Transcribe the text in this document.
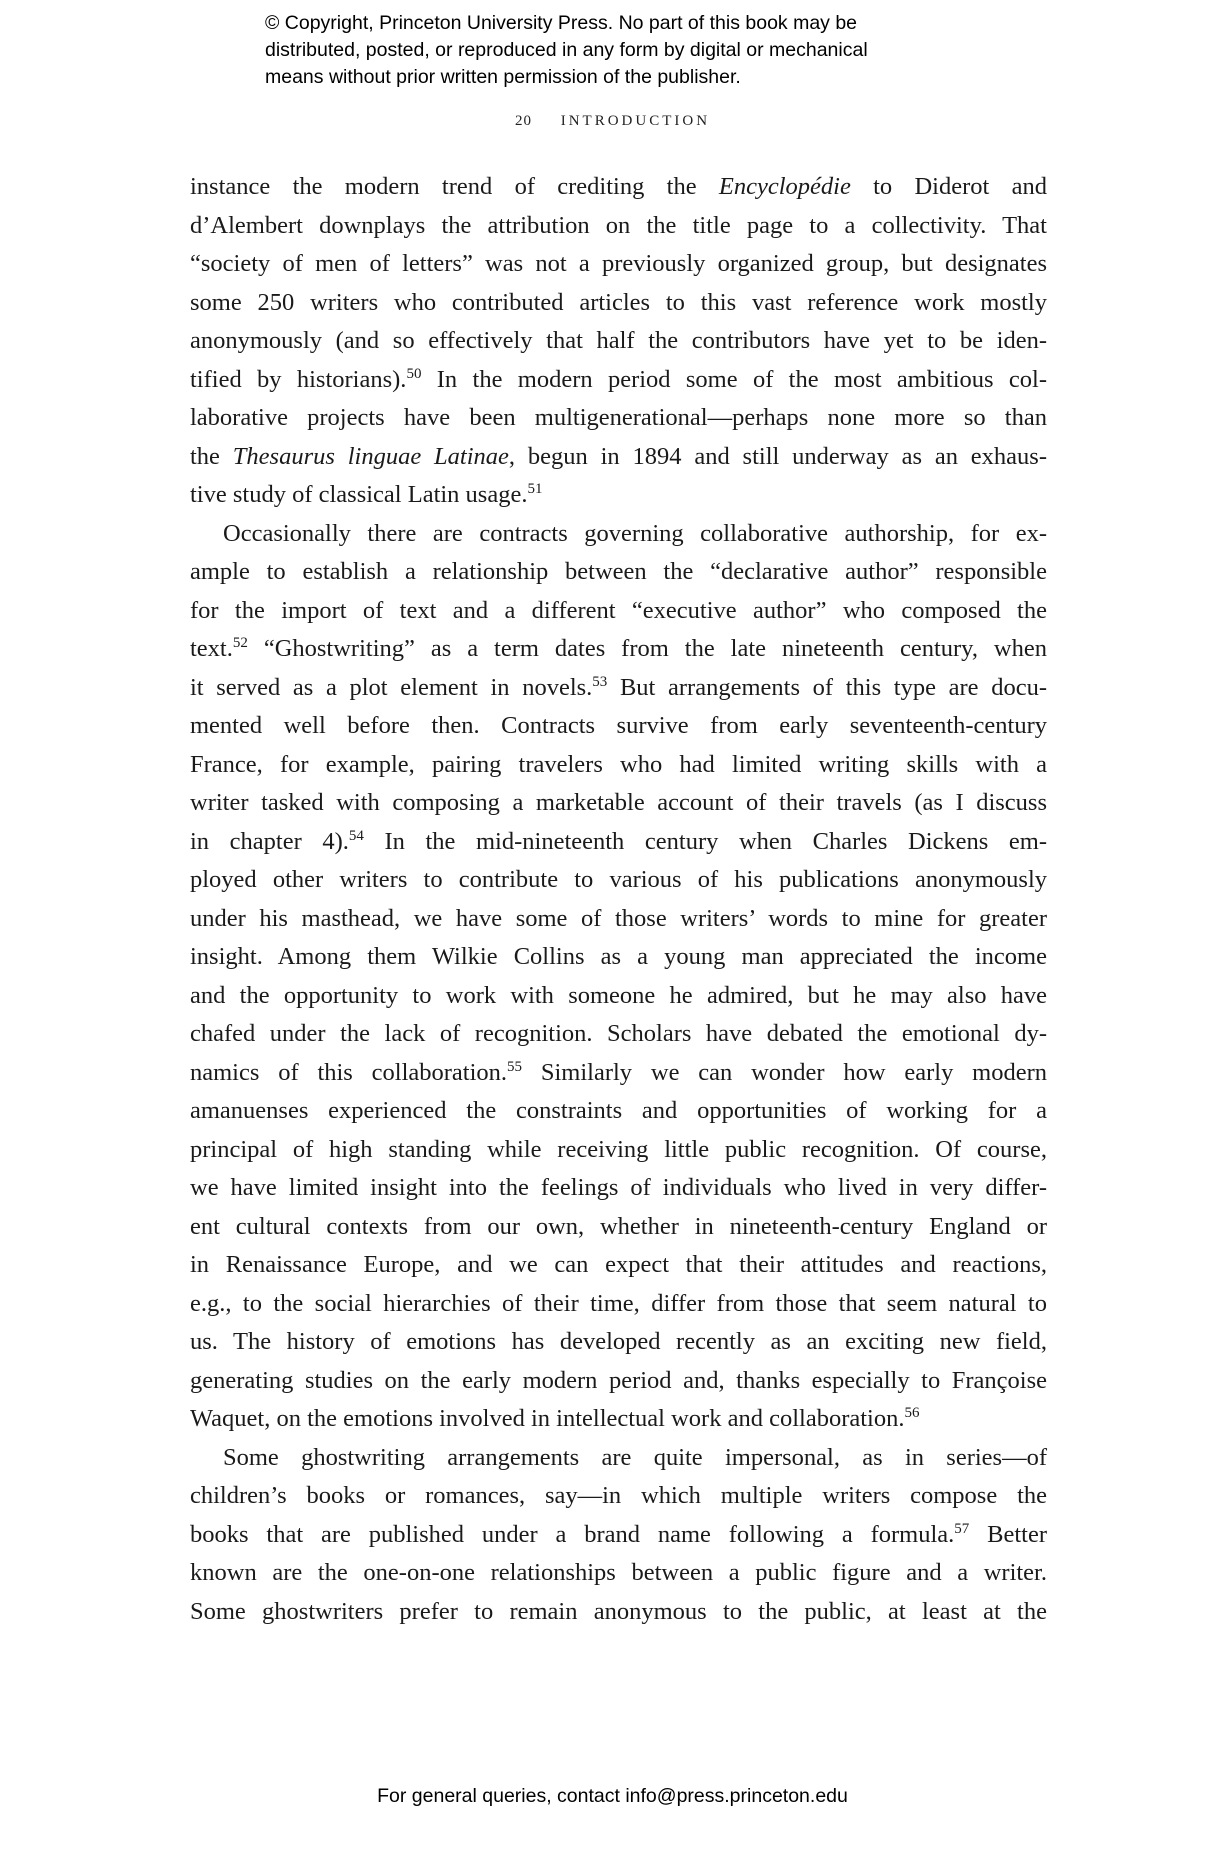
© Copyright, Princeton University Press. No part of this book may be
distributed, posted, or reproduced in any form by digital or mechanical
means without prior written permission of the publisher.
20 INTRODUCTION
instance the modern trend of crediting the Encyclopédie to Diderot and
d’Alembert downplays the attribution on the title page to a collectivity. That
“society of men of letters” was not a previously organized group, but designates
some 250 writers who contributed articles to this vast reference work mostly
anonymously (and so effectively that half the contributors have yet to be iden-
tified by historians).$^{50}$ In the modern period some of the most ambitious col-
laborative projects have been multigenerational—perhaps none more so than
the Thesaurus linguae Latinae, begun in 1894 and still underway as an exhaus-
tive study of classical Latin usage.$^{51}$
Occasionally there are contracts governing collaborative authorship, for ex-
ample to establish a relationship between the “declarative author” responsible
for the import of text and a different “executive author” who composed the
text.$^{52}$ “Ghostwriting” as a term dates from the late nineteenth century, when
it served as a plot element in novels.$^{53}$ But arrangements of this type are docu-
mented well before then. Contracts survive from early seventeenth-century
France, for example, pairing travelers who had limited writing skills with a
writer tasked with composing a marketable account of their travels (as I discuss
in chapter 4).$^{54}$ In the mid-nineteenth century when Charles Dickens em-
ployed other writers to contribute to various of his publications anonymously
under his masthead, we have some of those writers’ words to mine for greater
insight. Among them Wilkie Collins as a young man appreciated the income
and the opportunity to work with someone he admired, but he may also have
chafed under the lack of recognition. Scholars have debated the emotional dy-
namics of this collaboration.$^{55}$ Similarly we can wonder how early modern
amanuenses experienced the constraints and opportunities of working for a
principal of high standing while receiving little public recognition. Of course,
we have limited insight into the feelings of individuals who lived in very differ-
ent cultural contexts from our own, whether in nineteenth-century England or
in Renaissance Europe, and we can expect that their attitudes and reactions,
e.g., to the social hierarchies of their time, differ from those that seem natural to
us. The history of emotions has developed recently as an exciting new field,
generating studies on the early modern period and, thanks especially to Françoise
Waquet, on the emotions involved in intellectual work and collaboration.$^{56}$
Some ghostwriting arrangements are quite impersonal, as in series—of
children’s books or romances, say—in which multiple writers compose the
books that are published under a brand name following a formula.$^{57}$ Better
known are the one-on-one relationships between a public figure and a writer.
Some ghostwriters prefer to remain anonymous to the public, at least at the
For general queries, contact info@press.princeton.edu
